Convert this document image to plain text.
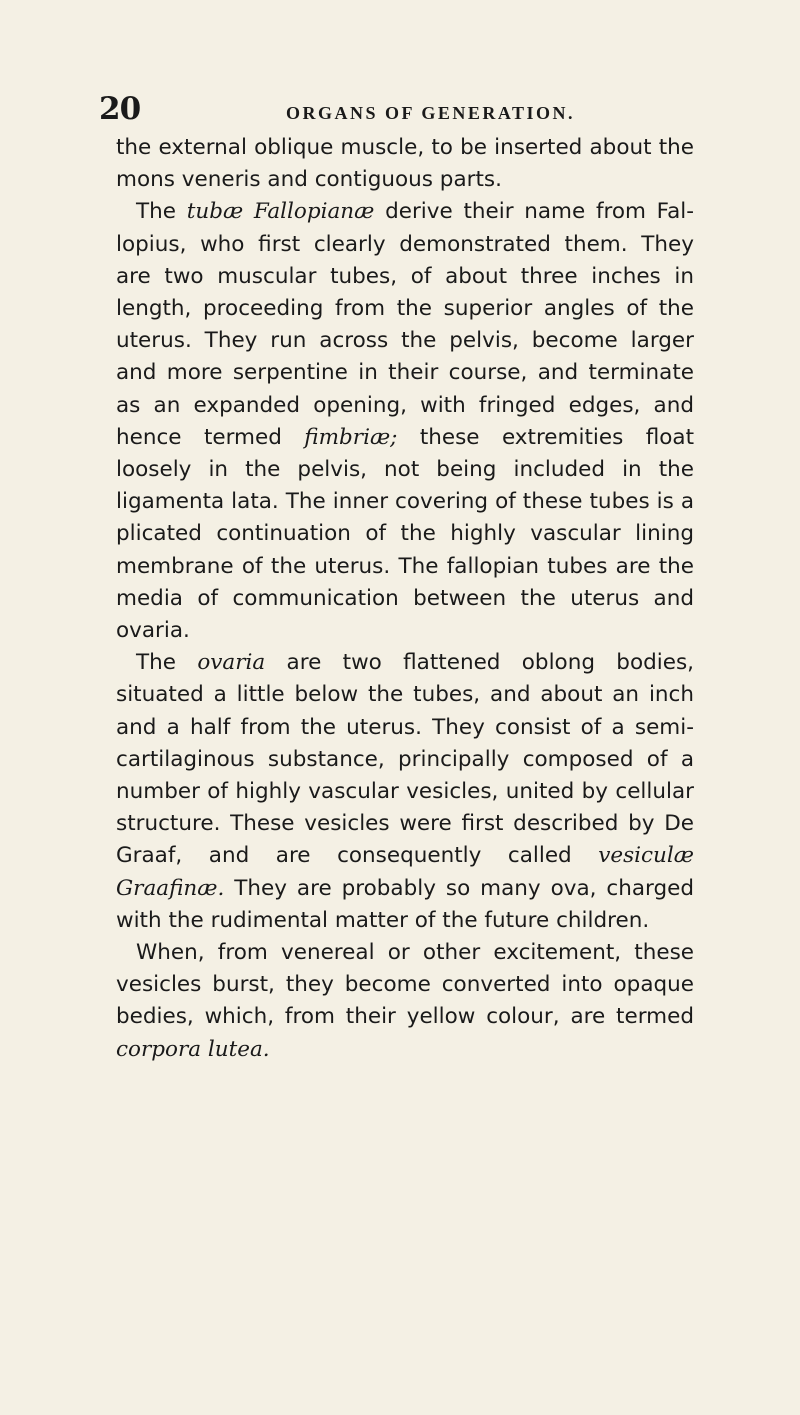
20	ORGANS OF GENERATION.

the external oblique muscle, to be inserted about the mons veneris and contiguous parts.

The tubæ Fallopianæ derive their name from Fallopius, who first clearly demonstrated them. They are two muscular tubes, of about three inches in length, proceeding from the superior angles of the uterus. They run across the pelvis, become larger and more serpentine in their course, and terminate as an expanded opening, with fringed edges, and hence termed fimbriæ; these extremities float loosely in the pelvis, not being included in the ligamenta lata. The inner covering of these tubes is a plicated continuation of the highly vascular lining membrane of the uterus. The fallopian tubes are the media of communication between the uterus and ovaria.

The ovaria are two flattened oblong bodies, situated a little below the tubes, and about an inch and a half from the uterus. They consist of a semi-cartilaginous substance, principally composed of a number of highly vascular vesicles, united by cellular structure. These vesicles were first described by De Graaf, and are consequently called vesiculæ Graafinæ. They are probably so many ova, charged with the rudimental matter of the future children.

When, from venereal or other excitement, these vesicles burst, they become converted into opaque bedies, which, from their yellow colour, are termed corpora lutea.
